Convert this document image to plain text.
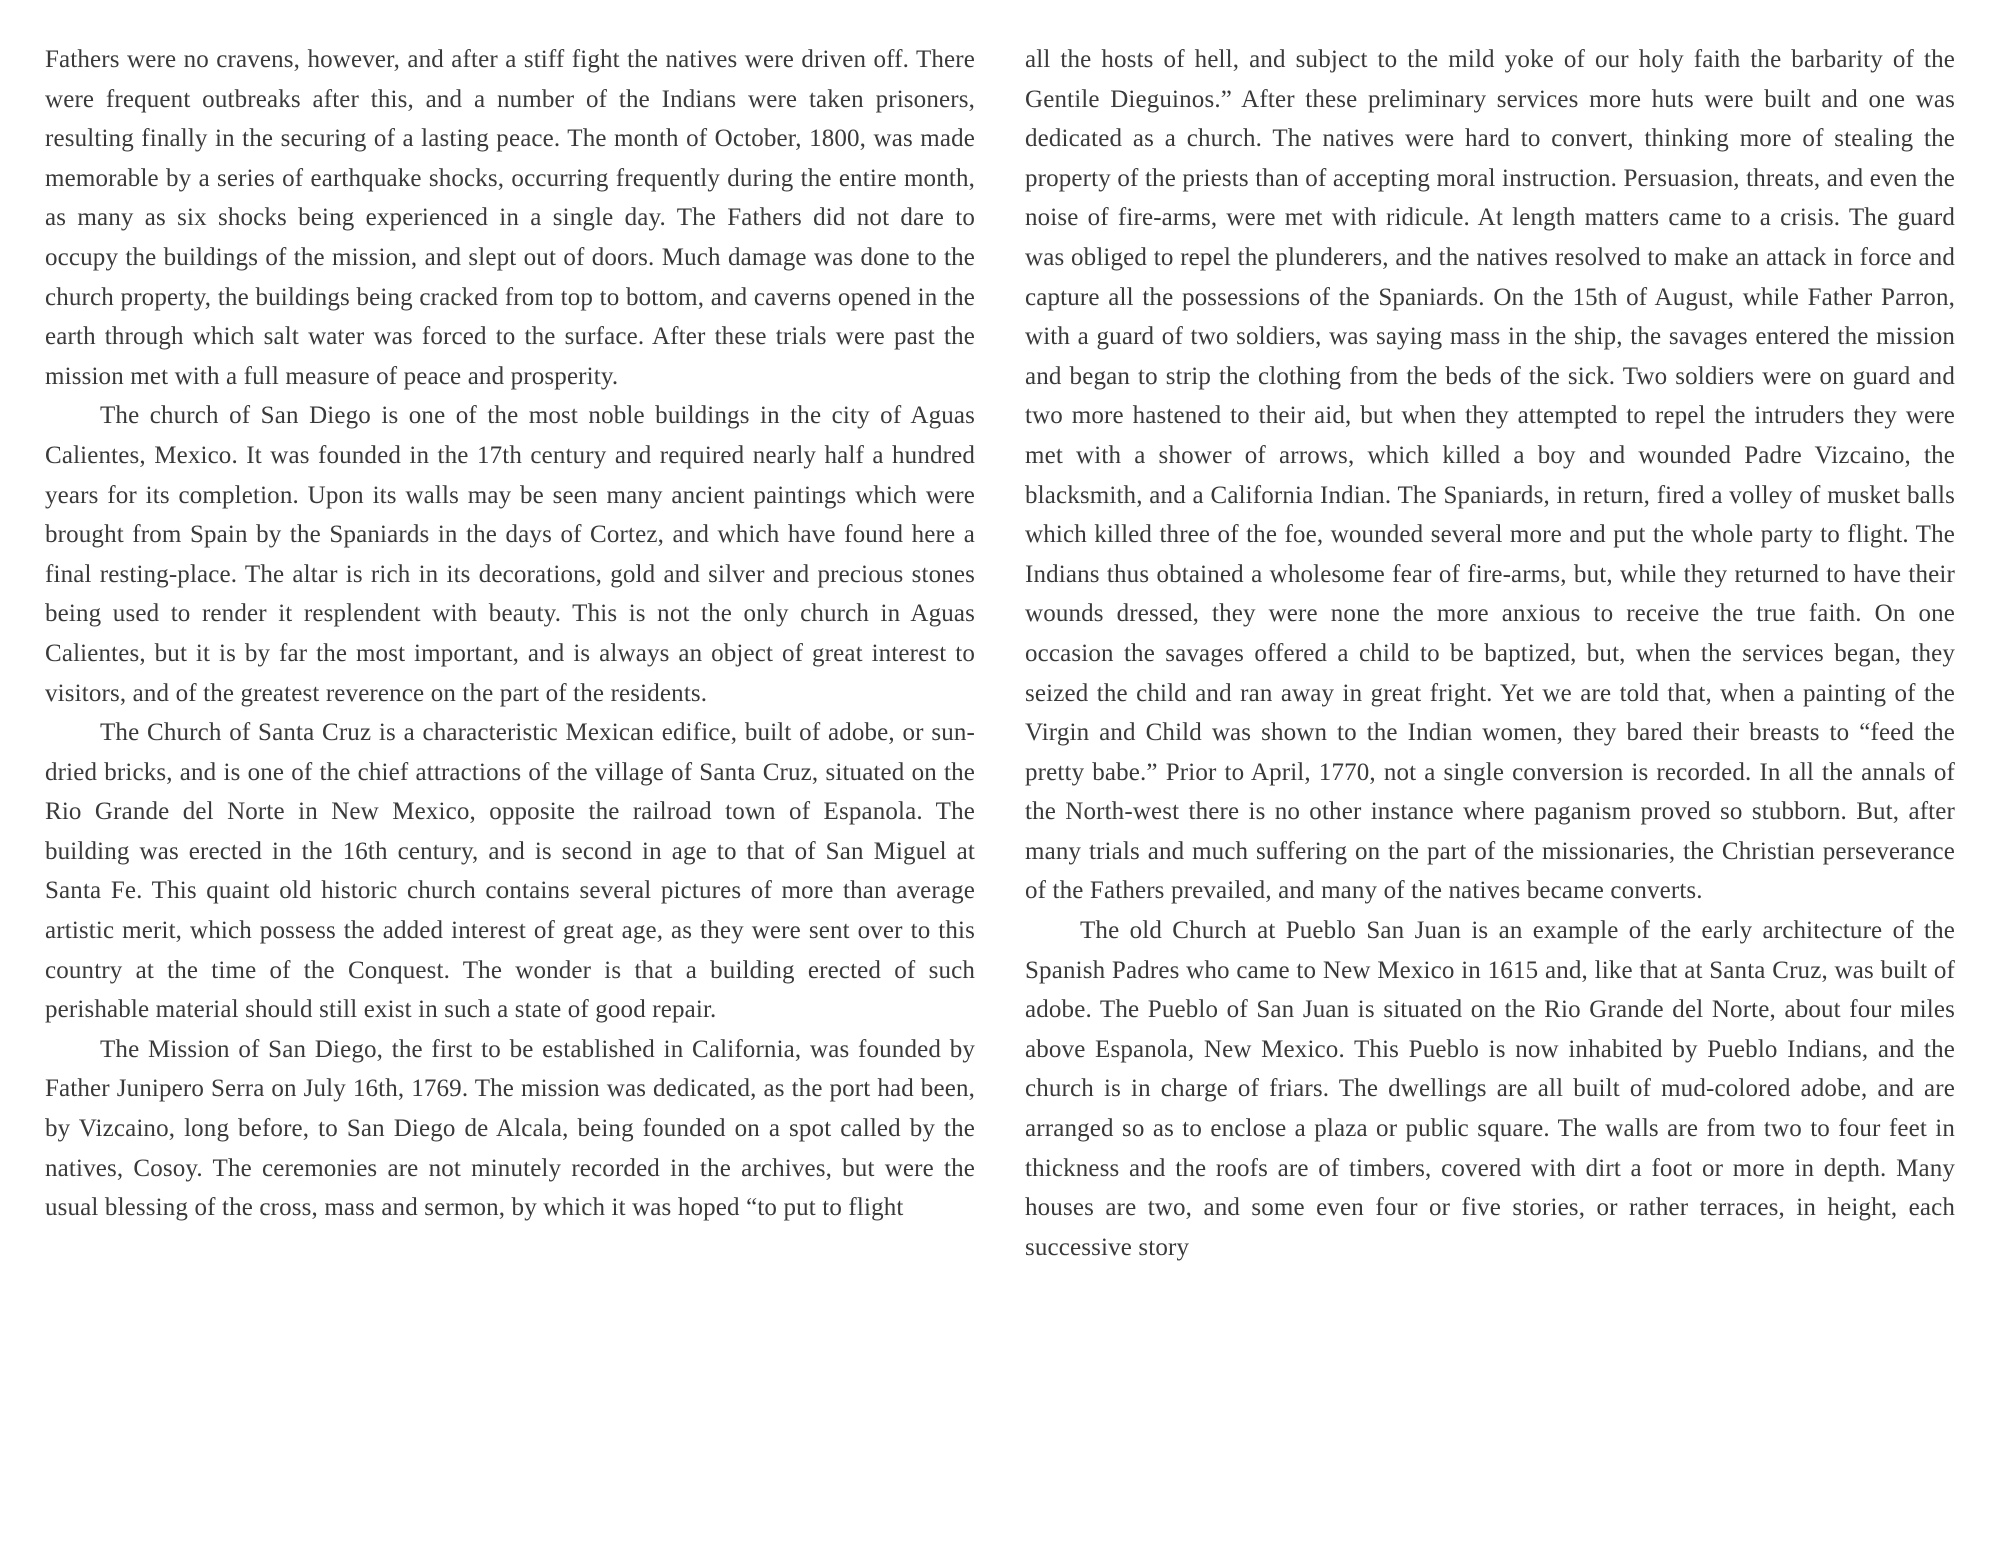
Fathers were no cravens, however, and after a stiff fight the natives were driven off. There were frequent outbreaks after this, and a number of the Indians were taken prisoners, resulting finally in the securing of a lasting peace. The month of October, 1800, was made memorable by a series of earthquake shocks, occurring frequently during the entire month, as many as six shocks being experienced in a single day. The Fathers did not dare to occupy the buildings of the mission, and slept out of doors. Much damage was done to the church property, the buildings being cracked from top to bottom, and caverns opened in the earth through which salt water was forced to the surface. After these trials were past the mission met with a full measure of peace and prosperity.

The church of San Diego is one of the most noble buildings in the city of Aguas Calientes, Mexico. It was founded in the 17th century and required nearly half a hundred years for its completion. Upon its walls may be seen many ancient paintings which were brought from Spain by the Spaniards in the days of Cortez, and which have found here a final resting-place. The altar is rich in its decorations, gold and silver and precious stones being used to render it resplendent with beauty. This is not the only church in Aguas Calientes, but it is by far the most important, and is always an object of great interest to visitors, and of the greatest reverence on the part of the residents.

The Church of Santa Cruz is a characteristic Mexican edifice, built of adobe, or sun-dried bricks, and is one of the chief attractions of the village of Santa Cruz, situated on the Rio Grande del Norte in New Mexico, opposite the railroad town of Espanola. The building was erected in the 16th century, and is second in age to that of San Miguel at Santa Fe. This quaint old historic church contains several pictures of more than average artistic merit, which possess the added interest of great age, as they were sent over to this country at the time of the Conquest. The wonder is that a building erected of such perishable material should still exist in such a state of good repair.

The Mission of San Diego, the first to be established in California, was founded by Father Junipero Serra on July 16th, 1769. The mission was dedicated, as the port had been, by Vizcaino, long before, to San Diego de Alcala, being founded on a spot called by the natives, Cosoy. The ceremonies are not minutely recorded in the archives, but were the usual blessing of the cross, mass and sermon, by which it was hoped “to put to flight

all the hosts of hell, and subject to the mild yoke of our holy faith the barbarity of the Gentile Dieguinos.” After these preliminary services more huts were built and one was dedicated as a church. The natives were hard to convert, thinking more of stealing the property of the priests than of accepting moral instruction. Persuasion, threats, and even the noise of fire-arms, were met with ridicule. At length matters came to a crisis. The guard was obliged to repel the plunderers, and the natives resolved to make an attack in force and capture all the possessions of the Spaniards. On the 15th of August, while Father Parron, with a guard of two soldiers, was saying mass in the ship, the savages entered the mission and began to strip the clothing from the beds of the sick. Two soldiers were on guard and two more hastened to their aid, but when they attempted to repel the intruders they were met with a shower of arrows, which killed a boy and wounded Padre Vizcaino, the blacksmith, and a California Indian. The Spaniards, in return, fired a volley of musket balls which killed three of the foe, wounded several more and put the whole party to flight. The Indians thus obtained a wholesome fear of fire-arms, but, while they returned to have their wounds dressed, they were none the more anxious to receive the true faith. On one occasion the savages offered a child to be baptized, but, when the services began, they seized the child and ran away in great fright. Yet we are told that, when a painting of the Virgin and Child was shown to the Indian women, they bared their breasts to “feed the pretty babe.” Prior to April, 1770, not a single conversion is recorded. In all the annals of the North-west there is no other instance where paganism proved so stubborn. But, after many trials and much suffering on the part of the missionaries, the Christian perseverance of the Fathers prevailed, and many of the natives became converts.

The old Church at Pueblo San Juan is an example of the early architecture of the Spanish Padres who came to New Mexico in 1615 and, like that at Santa Cruz, was built of adobe. The Pueblo of San Juan is situated on the Rio Grande del Norte, about four miles above Espanola, New Mexico. This Pueblo is now inhabited by Pueblo Indians, and the church is in charge of friars. The dwellings are all built of mud-colored adobe, and are arranged so as to enclose a plaza or public square. The walls are from two to four feet in thickness and the roofs are of timbers, covered with dirt a foot or more in depth. Many houses are two, and some even four or five stories, or rather terraces, in height, each successive story
